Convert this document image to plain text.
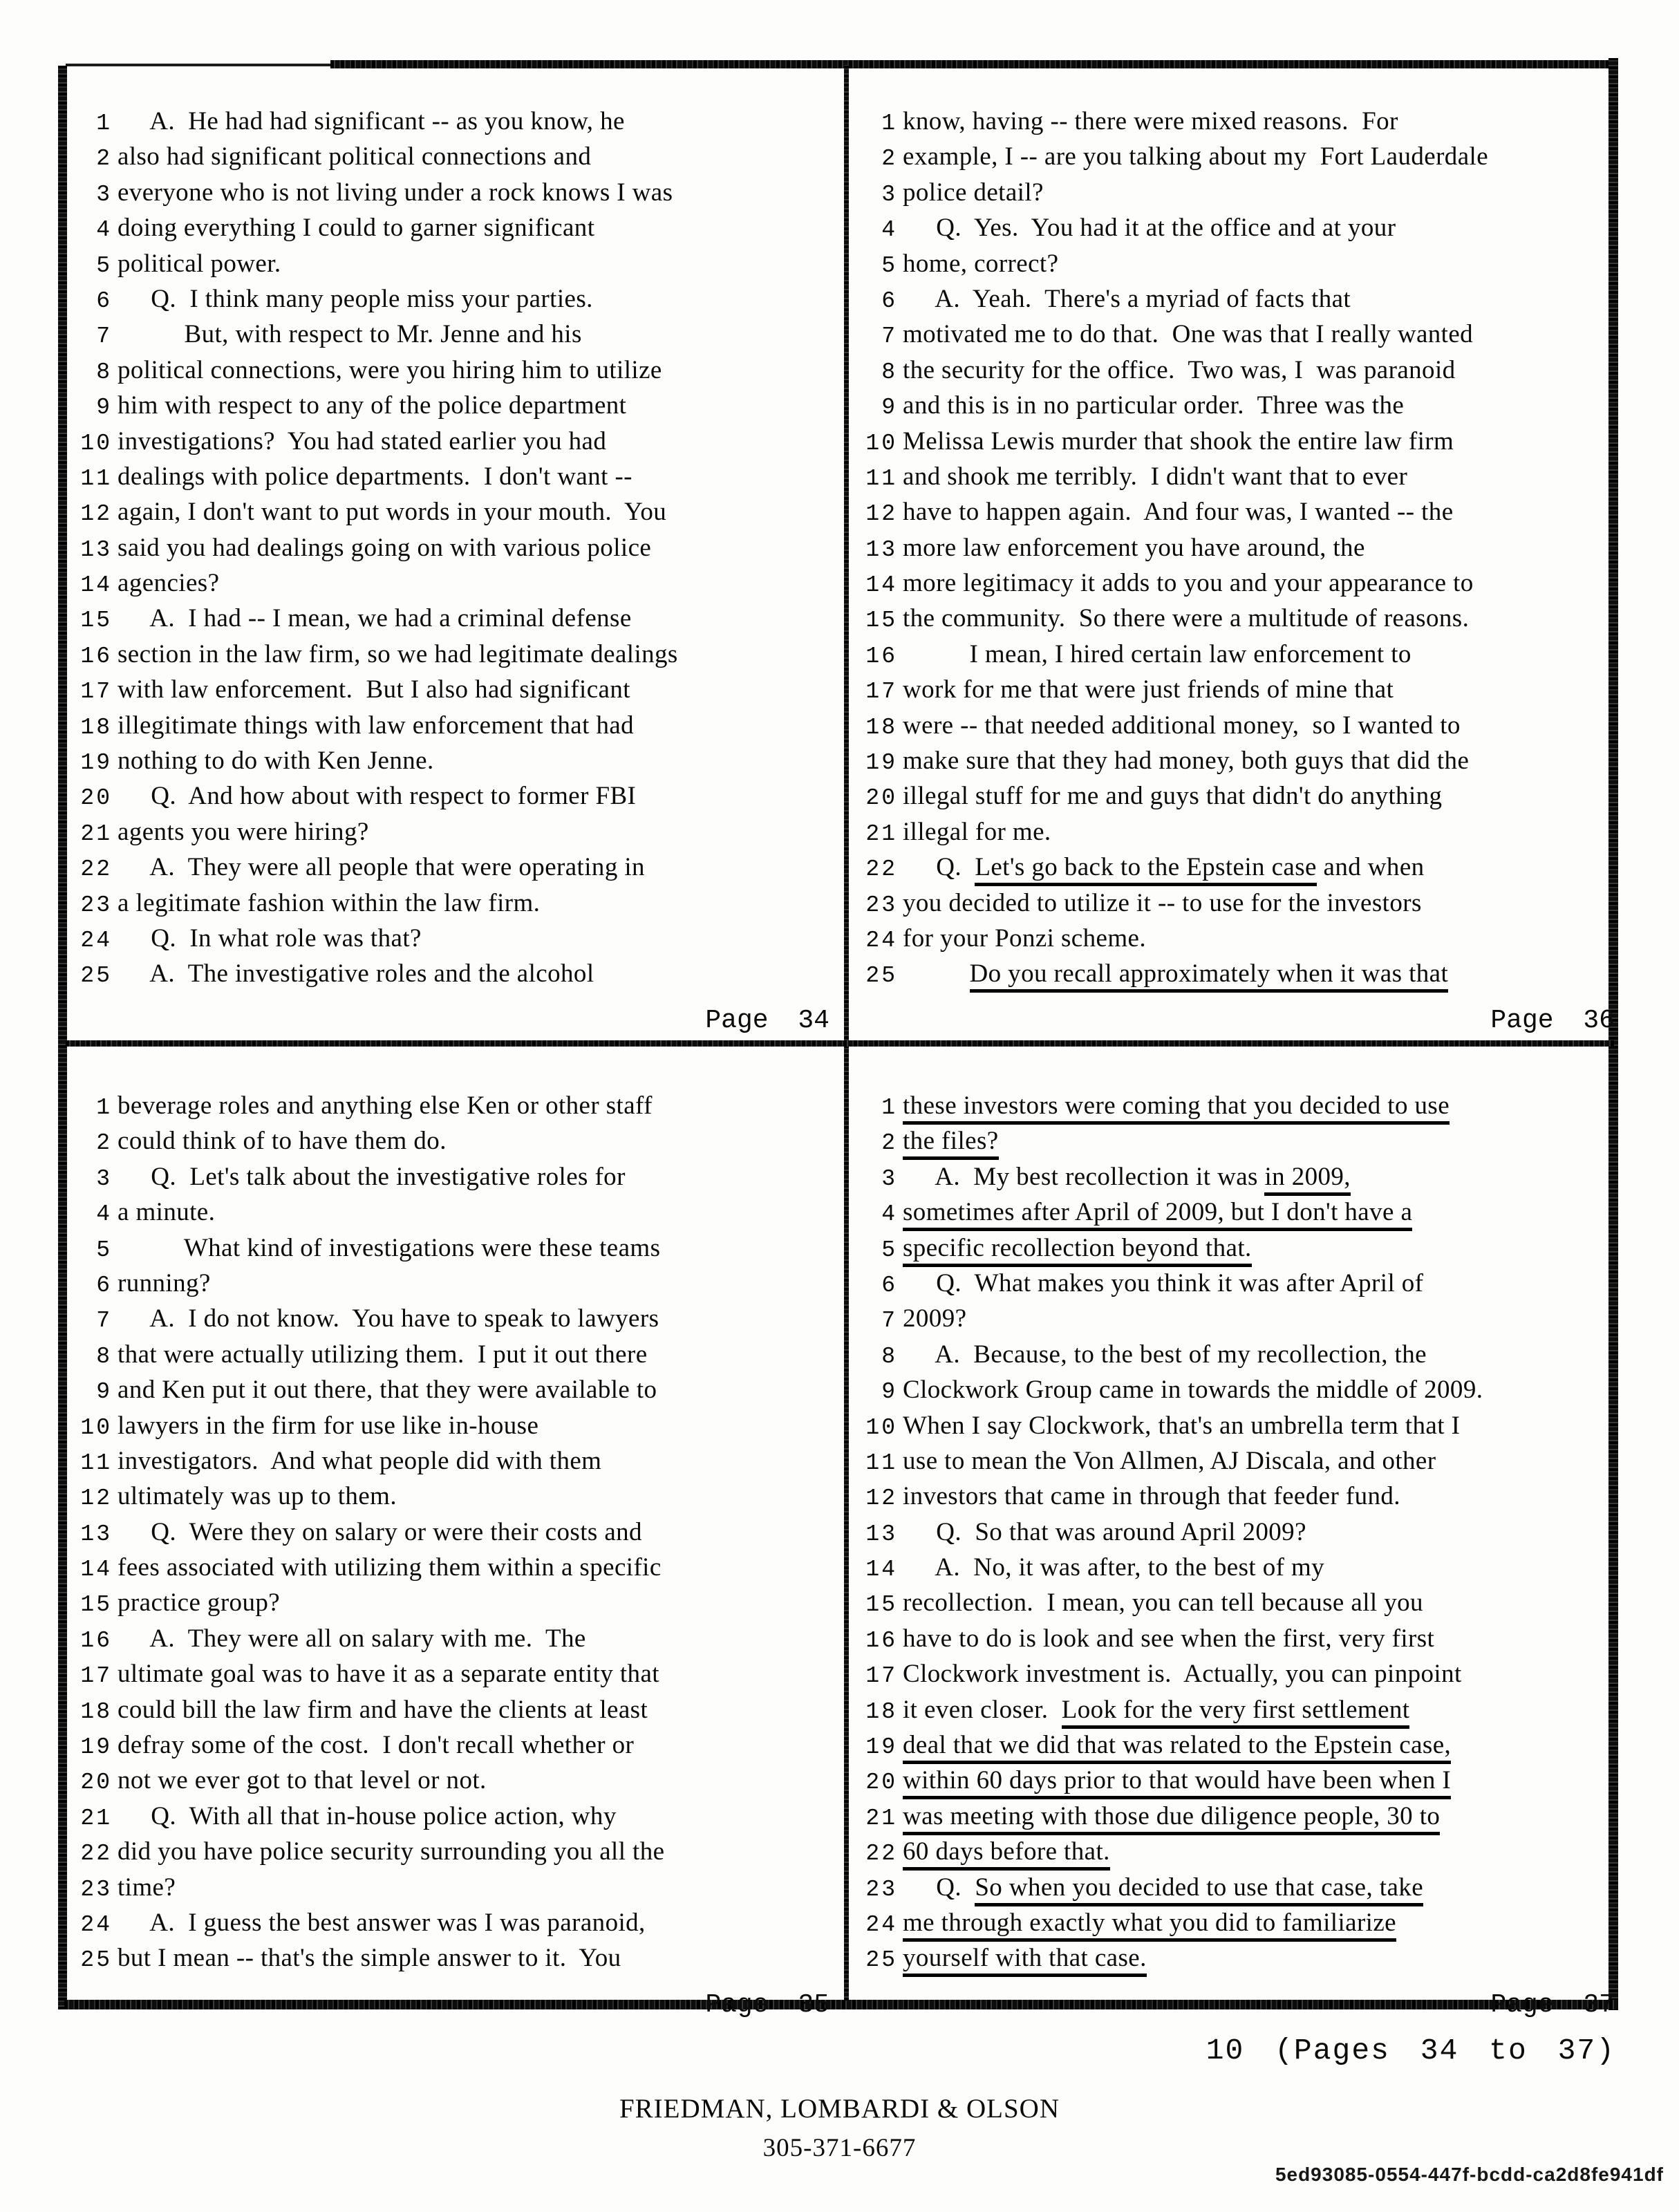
1 A.  He had had significant -- as you know, he
2 also had significant political connections and
3 everyone who is not living under a rock knows I was
4 doing everything I could to garner significant
5 political power.
6 Q.  I think many people miss your parties.
7 But, with respect to Mr. Jenne and his
8 political connections, were you hiring him to utilize
9 him with respect to any of the police department
10 investigations?  You had stated earlier you had
11 dealings with police departments.  I don't want --
12 again, I don't want to put words in your mouth.  You
13 said you had dealings going on with various police
14 agencies?
15 A.  I had -- I mean, we had a criminal defense
16 section in the law firm, so we had legitimate dealings
17 with law enforcement.  But I also had significant
18 illegitimate things with law enforcement that had
19 nothing to do with Ken Jenne.
20 Q.  And how about with respect to former FBI
21 agents you were hiring?
22 A.  They were all people that were operating in
23 a legitimate fashion within the law firm.
24 Q.  In what role was that?
25 A.  The investigative roles and the alcohol
Page 34
1 know, having -- there were mixed reasons.  For
2 example, I -- are you talking about my  Fort Lauderdale
3 police detail?
4 Q.  Yes.  You had it at the office and at your
5 home, correct?
6 A.  Yeah.  There's a myriad of facts that
7 motivated me to do that.  One was that I really wanted
8 the security for the office.  Two was, I  was paranoid
9 and this is in no particular order.  Three was the
10 Melissa Lewis murder that shook the entire law firm
11 and shook me terribly.  I didn't want that to ever
12 have to happen again.  And four was, I wanted -- the
13 more law enforcement you have around, the
14 more legitimacy it adds to you and your appearance to
15 the community.  So there were a multitude of reasons.
16 I mean, I hired certain law enforcement to
17 work for me that were just friends of mine that
18 were -- that needed additional money,  so I wanted to
19 make sure that they had money, both guys that did the
20 illegal stuff for me and guys that didn't do anything
21 illegal for me.
22 Q.  Let's go back to the Epstein case and when
23 you decided to utilize it -- to use for the investors
24 for your Ponzi scheme.
25	Do you recall approximately when it was that
Page 36
1 beverage roles and anything else Ken or other staff
2 could think of to have them do.
3 Q.  Let's talk about the investigative roles for
4 a minute.
5 What kind of investigations were these teams
6 running?
7 A.  I do not know.  You have to speak to lawyers
8 that were actually utilizing them.  I put it out there
9 and Ken put it out there, that they were available to
10 lawyers in the firm for use like in-house
11 investigators.  And what people did with them
12 ultimately was up to them.
13 Q.  Were they on salary or were their costs and
14 fees associated with utilizing them within a specific
15 practice group?
16 A.  They were all on salary with me.  The
17 ultimate goal was to have it as a separate entity that
18 could bill the law firm and have the clients at least
19 defray some of the cost.  I don't recall whether or
20 not we ever got to that level or not.
21 Q.  With all that in-house police action, why
22 did you have police security surrounding you all the
23 time?
24 A.  I guess the best answer was I was paranoid,
25 but I mean -- that's the simple answer to it.  You
Page 35
1 these investors were coming that you decided to use
2 the files?
3 A.  My best recollection it was in 2009,
4 sometimes after April of 2009, but I don't have a
5 specific recollection beyond that.
6 Q.  What makes you think it was after April of
7 2009?
8 A.  Because, to the best of my recollection, the
9 Clockwork Group came in towards the middle of 2009.
10 When I say Clockwork, that's an umbrella term that I
11 use to mean the Von Allmen, AJ Discala, and other
12 investors that came in through that feeder fund.
13 Q.  So that was around April 2009?
14 A.  No, it was after, to the best of my
15 recollection.  I mean, you can tell because all you
16 have to do is look and see when the first, very first
17 Clockwork investment is.  Actually, you can pinpoint
18 it even closer.  Look for the very first settlement
19 deal that we did that was related to the Epstein case,
20 within 60 days prior to that would have been when I
21 was meeting with those due diligence people, 30 to
22 60 days before that.
23 Q.  So when you decided to use that case, take
24 me through exactly what you did to familiarize
25 yourself with that case.
Page 37
10 (Pages 34 to 37)
FRIEDMAN, LOMBARDI & OLSON
305-371-6677
5ed93085-0554-447f-bcdd-ca2d8fe941df
